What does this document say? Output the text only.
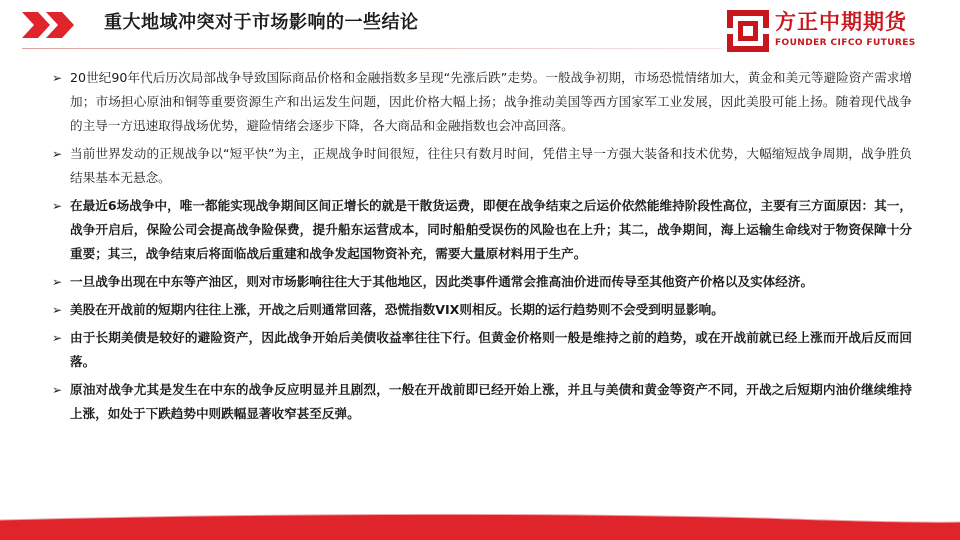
重大地域冲突对于市场影响的一些结论	方正中期期货
FOUNDER CIFCO FUTURES
➢ 20世纪90年代后历次局部战争导致国际商品价格和金融指数多呈现“先涨后跌”走势。一般战争初期，市场恐慌情绪加大，黄金和美元等避险资产需求增加；市场担心原油和铜等重要资源生产和出运发生问题，因此价格大幅上扬；战争推动美国等西方国家军工业发展，因此美股可能上扬。随着现代战争的主导一方迅速取得战场优势，避险情绪会逐步下降，各大商品和金融指数也会冲高回落。
➢ 当前世界发动的正规战争以“短平快”为主，正规战争时间很短，往往只有数月时间，凭借主导一方强大装备和技术优势，大幅缩短战争周期，战争胜负结果基本无悬念。
➢ 在最近6场战争中，唯一都能实现战争期间区间正增长的就是干散货运费，即便在战争结束之后运价依然能维持阶段性高位，主要有三方面原因：其一，战争开启后，保险公司会提高战争险保费，提升船东运营成本，同时船舶受误伤的风险也在上升；其二，战争期间，海上运输生命线对于物资保障十分重要；其三，战争结束后将面临战后重建和战争发起国物资补充，需要大量原材料用于生产。
➢ 一旦战争出现在中东等产油区，则对市场影响往往大于其他地区，因此类事件通常会推高油价进而传导至其他资产价格以及实体经济。
➢ 美股在开战前的短期内往往上涨，开战之后则通常回落，恐慌指数VIX则相反。长期的运行趋势则不会受到明显影响。
➢ 由于长期美债是较好的避险资产，因此战争开始后美债收益率往往下行。但黄金价格则一般是维持之前的趋势，或在开战前就已经上涨而开战后反而回落。
➢ 原油对战争尤其是发生在中东的战争反应明显并且剧烈，一般在开战前即已经开始上涨，并且与美债和黄金等资产不同，开战之后短期内油价继续维持上涨，如处于下跌趋势中则跌幅显著收窄甚至反弹。
